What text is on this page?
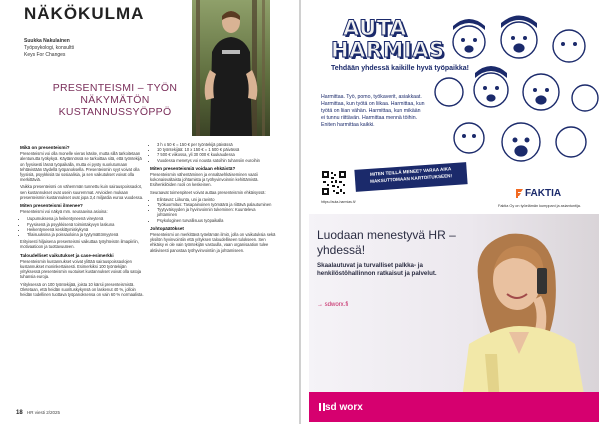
NÄKÖKULMA
Suukka Nakulainen
Työpsykologi, konsultti
Keys For Changes
PRESENTEISMI – TYÖN NÄKYMÄTÖN KUSTANNUSSYÖPPÖ
Mikä on presenteismi?

Presenteismi voi olla monelle vieras käsite, mutta sillä tarkoitetaan alentunutta työkykyä. Käytännössä se tarkoittaa sitä, että työntekijä on fyysisesti läsnä työpaikalla, mutta ei pysty suoriutumaan tehtävistään täydellä työpanoksella. Presenteismin syyt voivat olla fyysisiä, psyykkisiä tai sosiaalisia, ja sen vaikutukset voivat olla merkittäviä.

Vaikka presenteismi on vähemmän tunnettu kuin sairauspoissaolot, sen kustannukset ovat usein suuremmat. Arvioiden mukaan presenteismin kustannukset ovat jopa 3,4 miljardia euroa vuodessa.

Miten presenteismi ilmenee?

Presenteismi voi näkyä mm. seuraavina asioina:

• Uupumuksena ja heikentyneenä vireytenä
• Fyysisenä ja psyykkisenä toimintakyvyn laskuna
• Heikentyneenä keskittymiskykynä
• Tilaisuuksina ja poissaoloina ja tyytymättömyytenä

Erityisesti hiljaisena presenteismi vaikuttaa työyhteisön ilmapiiriin, motivaatioon ja tuottavuuteen.

Taloudelliset vaikutukset ja case-esimerkki

Presenteismin kustannukset voivat ylittää sairauspoissaolojen kustannukset moninkertaisesti. Esimerkiksi 100 työntekijän yrityksessä presenteismin vuotuiset kustannukset voivat olla satoja tuhansia euroja.

Yrityksessä on 100 työntekijää, joista 10 kärsii presenteismistä. Oletetaan, että heidän suorituskykynsä on laskenut 40 %, jolloin heidän todellinen tuottava työpanoksensa on vain 60 % normaalista.

• 3 h x 50 € = 150 € per työntekijä päivässä
• 10 työntekijää: 10 x 150 € = 1 500 € päivässä
• 7 500 € viikossa, yli 30 000 € kuukaudessa
• Vuodessa menetys voi nousta satoihin tuhansiin euroihin
Miten presenteismiä voidaan ehkäistä?

Presenteismin vähentäminen ja ennaltaehkäiseminen vaatii kokonaisvaltaista johtamista ja työhyvinvoinnin kehittämistä. Esihenkilöiden rooli on keskeinen.

Seuraavat toimenpiteet voivat auttaa presenteismin ehkäisyssä:

• Elintavat: Liikunta, uni ja ravinto
• Työkuormitus: Tasapainoinen työmäärä ja riittävä palautuminen
• Tyytyväisyyden ja hyvinvoinnin tukeminen: Kuunteleva johtaminen
• Psykologinen turvallisuus työpaikalla
Johtopäätökset

Presenteismi on merkittävä työelämän ilmiö, jolla on vaikutuksia sekä yksilön hyvinvointiin että yrityksen taloudelliseen tulokseen. Sen ehkäisy ei ole vain työntekijän vastuulla, vaan organisaation tulee aktiivisesti panostaa työhyvinvointiin ja johtamiseen.

18 HR viesti 2/2025
AUTA
HARMIAS
Tehdään yhdessä kaikille hyvä työpaikka!
Harmittaa. Työ, pomo, työkaverit, asiakkaat. Harmittaa, kun työtä on liikaa. Harmittaa, kun työtä on liian vähän. Harmittaa, kun mikään ei tunnu riittävän. Harmittaa mennä töihin. Eniten harmittaa kaikki.
MITEN TEILLÄ MENEE? VARAA AIKA MAKSUTTOMAAN KARTOITUKSEEN!
https://auta-harmias.fi/
FAKTIA
Faktia Oy on työelämän kumppani ja asiantuntija.
Luodaan menestyvä HR – yhdessä!
Skaalautuvat ja turvalliset palkka- ja henkilöstöhallinnon ratkaisut ja palvelut.
→ sdworx.fi
sd worx
